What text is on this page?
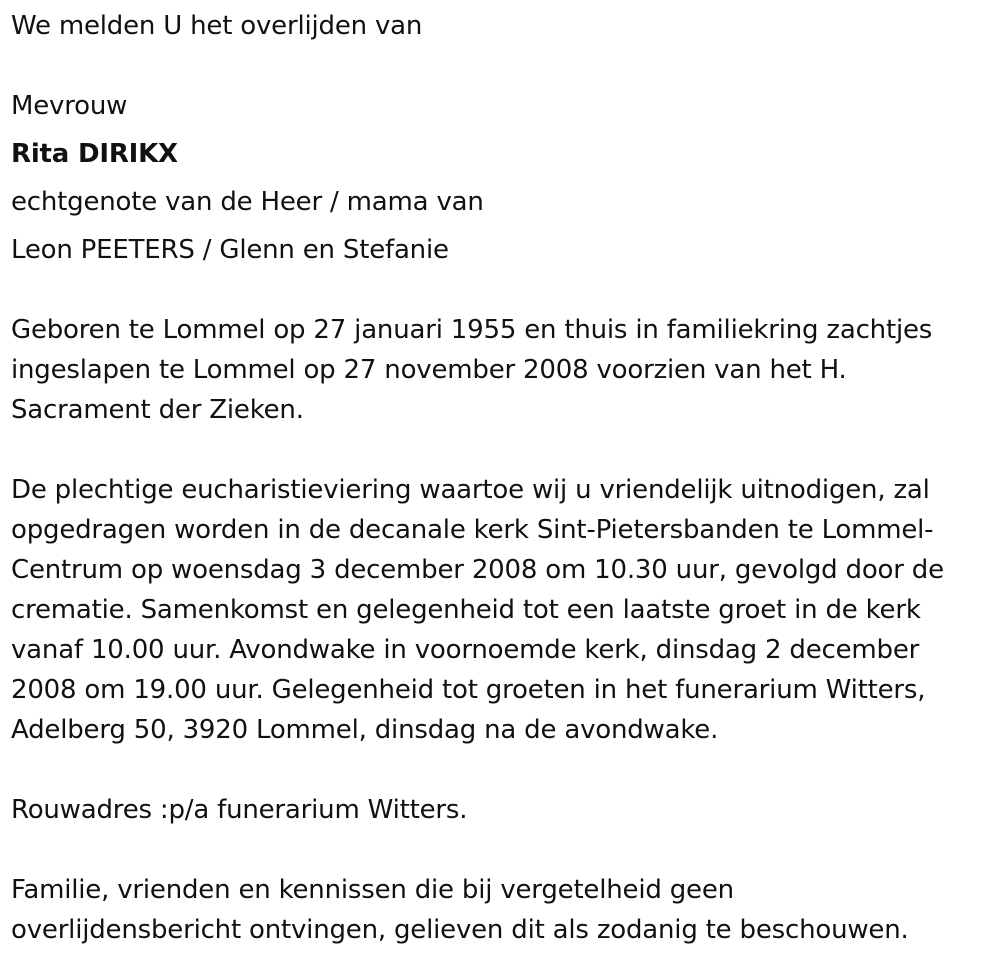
We melden U het overlijden van
Mevrouw
Rita DIRIKX
echtgenote van de Heer / mama van
Leon PEETERS / Glenn en Stefanie
Geboren te Lommel op 27 januari 1955 en thuis in familiekring zachtjes
ingeslapen te Lommel op 27 november 2008 voorzien van het H.
Sacrament der Zieken.
De plechtige eucharistieviering waartoe wij u vriendelijk uitnodigen, zal
opgedragen worden in de decanale kerk Sint-Pietersbanden te Lommel-
Centrum op woensdag 3 december 2008 om 10.30 uur, gevolgd door de
crematie. Samenkomst en gelegenheid tot een laatste groet in de kerk
vanaf 10.00 uur. Avondwake in voornoemde kerk, dinsdag 2 december
2008 om 19.00 uur. Gelegenheid tot groeten in het funerarium Witters,
Adelberg 50, 3920 Lommel, dinsdag na de avondwake.
Rouwadres :p/a funerarium Witters.
Familie, vrienden en kennissen die bij vergetelheid geen
overlijdensbericht ontvingen, gelieven dit als zodanig te beschouwen.
